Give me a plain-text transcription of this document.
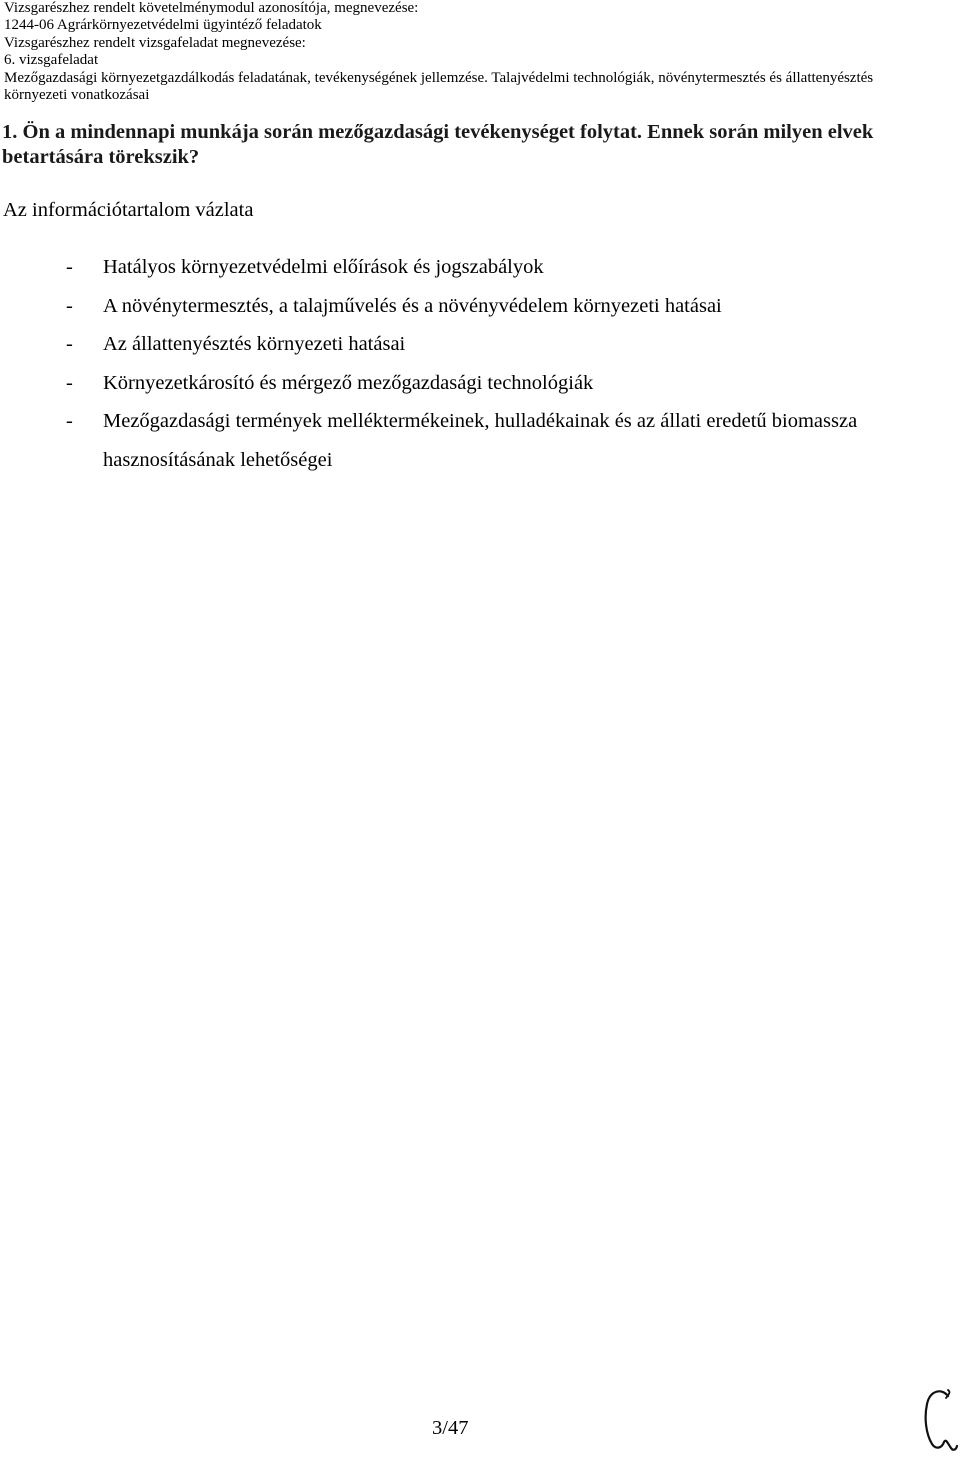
Vizsgarészhez rendelt követelménymodul azonosítója, megnevezése:
1244-06 Agrárkörnyezetvédelmi ügyintéző feladatok
Vizsgarészhez rendelt vizsgafeladat megnevezése:
6. vizsgafeladat
Mezőgazdasági környezetgazdálkodás feladatának, tevékenységének jellemzése. Talajvédelmi technológiák, növénytermesztés és állattenyésztés
környezeti vonatkozásai
1. Ön a mindennapi munkája során mezőgazdasági tevékenységet folytat. Ennek során milyen elvek betartására törekszik?
Az információtartalom vázlata
- Hatályos környezetvédelmi előírások és jogszabályok
- A növénytermesztés, a talajművelés és a növényvédelem környezeti hatásai
- Az állattenyésztés környezeti hatásai
- Környezetkárosító és mérgező mezőgazdasági technológiák
- Mezőgazdasági termények melléktermékeinek, hulladékainak és az állati eredetű biomassza hasznosításának lehetőségei
3/47
